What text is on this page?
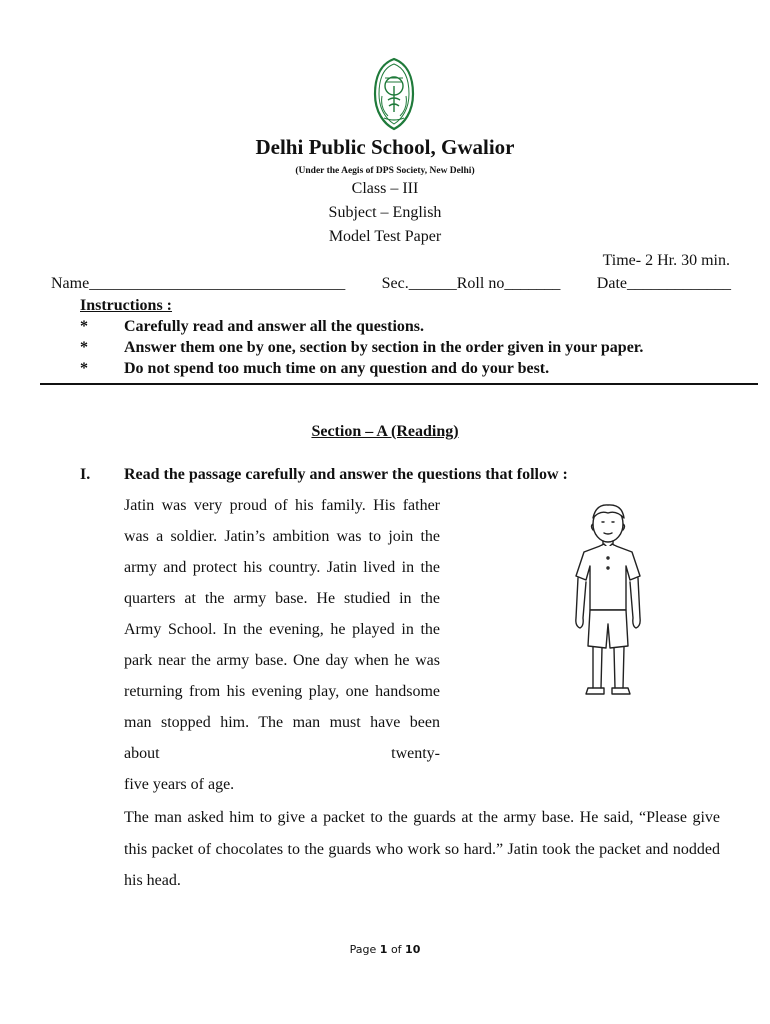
Delhi Public School, Gwalior
(Under the Aegis of DPS Society, New Delhi)
Class – III
Subject – English
Model Test Paper
Time- 2 Hr. 30 min.
Name________________________________ Sec.______Roll no_______ Date_____________
Instructions :
* Carefully read and answer all the questions.
* Answer them one by one, section by section in the order given in your paper.
* Do not spend too much time on any question and do your best.
Section – A (Reading)
I. Read the passage carefully and answer the questions that follow :

Jatin was very proud of his family. His father was a soldier. Jatin’s ambition was to join the army and protect his country. Jatin lived in the quarters at the army base. He studied in the Army School. In the evening, he played in the park near the army base. One day when he was returning from his evening play, one handsome man stopped him. The man must have been about twenty-
five years of age.

The man asked him to give a packet to the guards at the army base. He said, “Please give this packet of chocolates to the guards who work so hard.” Jatin took the packet and nodded his head.

Page 1 of 10
